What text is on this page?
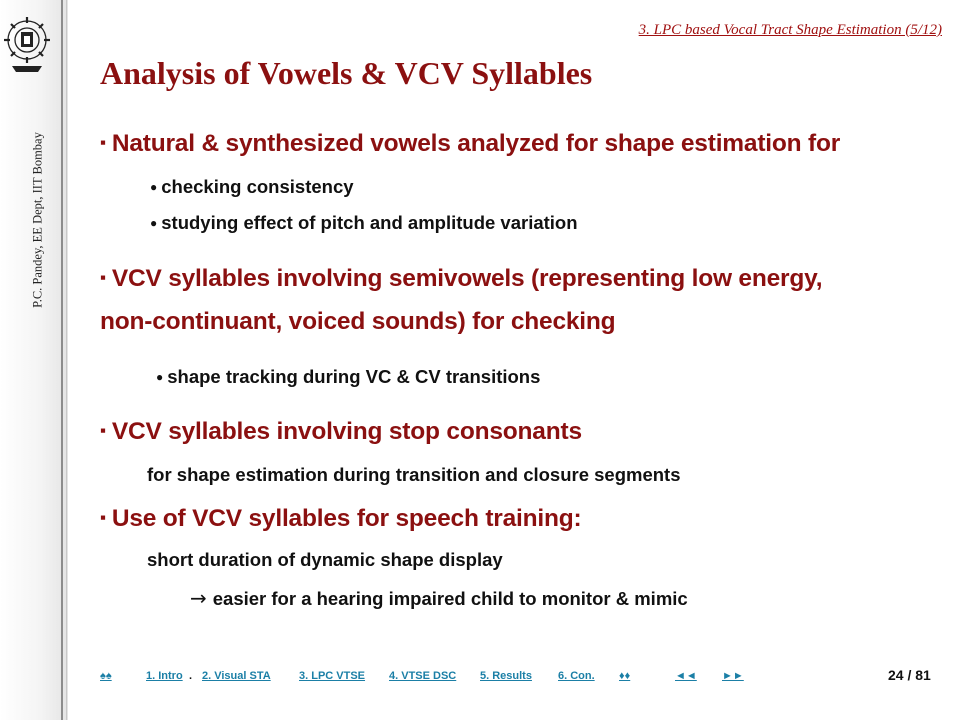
P.C. Pandey, EE Dept, IIT Bombay
3. LPC based Vocal Tract Shape Estimation (5/12)
Analysis of Vowels & VCV Syllables
▪ Natural & synthesized vowels analyzed for shape estimation for
● checking consistency
● studying effect of pitch and amplitude variation
▪ VCV syllables involving semivowels (representing low energy,
non-continuant, voiced sounds) for checking
● shape tracking during VC & CV transitions
▪ VCV syllables involving stop consonants
for shape estimation during transition and closure segments
▪ Use of VCV syllables for speech training:
short duration of dynamic shape display
→ easier for a hearing impaired child to monitor & mimic
♠♠	1. Intro . 2. Visual STA	3. LPC VTSE 4. VTSE DSC 5. Results 6. Con. ♦♦	◄◄ ►►	24 / 81
